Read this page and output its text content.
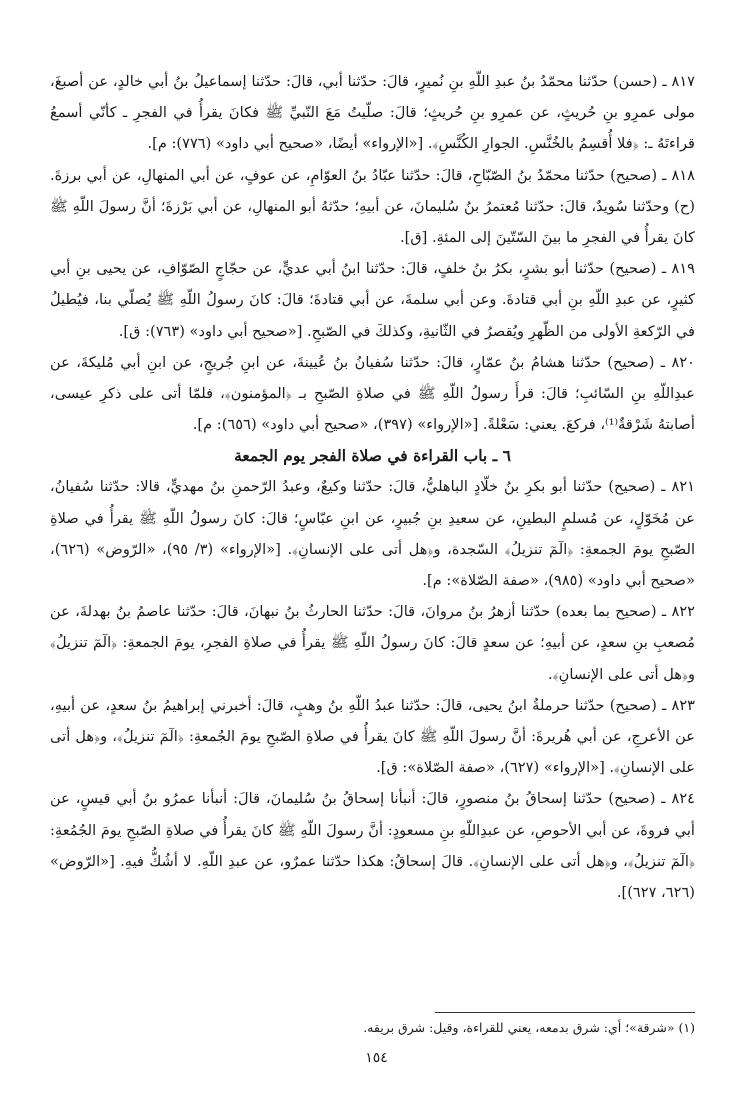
٨١٧ ـ (حسن) حدّثنا محمّدُ بنُ عبدِ اللّهِ بنِ نُميرٍ، قالَ: حدّثنا أبي، قالَ: حدّثنا إسماعيلُ بنُ أبي خالدٍ، عن أصبغَ، مولى عمرِو بنِ حُريثٍ، عن عمرِو بنِ حُريثٍ؛ قالَ: صلّيتُ مَعَ النّبيِّ ﷺ فكانَ يقرأُ في الفجرِ ـ كأنّي أسمعُ قراءتَهُ ـ: ﴿فلا أُقسِمُ بالخُنَّسِ. الجوارِ الكُنَّسِ﴾. [«الإرواء» أيضًا، «صحيح أبي داود» (٧٧٦): م].

٨١٨ ـ (صحيح) حدّثنا محمّدُ بنُ الصّبّاحِ، قالَ: حدّثنا عبّادُ بنُ العوّامِ، عن عوفٍ، عن أبي المنهالِ، عن أبي برزةَ. (ح) وحدّثنا سُويدٌ، قالَ: حدّثنا مُعتمرُ بنُ سُليمانَ، عن أبيهِ؛ حدّثهُ أبو المنهالِ، عن أبي بَرْزةَ؛ أنَّ رسولَ اللّهِ ﷺ كانَ يقرأُ في الفجرِ ما بينَ السّتّينَ إلى المئةِ. [ق].

٨١٩ ـ (صحيح) حدّثنا أبو بشرٍ، بكرُ بنُ خلفٍ، قالَ: حدّثنا ابنُ أبي عديٍّ، عن حجّاجٍ الصّوّافِ، عن يحيى بنِ أبي كثيرٍ، عن عبدِ اللّهِ بنِ أبي قتادةَ. وعن أبي سلمةَ، عن أبي قتادةَ؛ قالَ: كانَ رسولُ اللّهِ ﷺ يُصلّي بنا، فيُطيلُ في الرّكعةِ الأولى من الظّهرِ ويُقصرُ في الثّانيةِ، وكذلكَ في الصّبحِ. [«صحيح أبي داود» (٧٦٣): ق].

٨٢٠ ـ (صحيح) حدّثنا هشامُ بنُ عمّارٍ، قالَ: حدّثنا سُفيانُ بنُ عُيينةَ، عن ابنِ جُريجٍ، عن ابنِ أبي مُليكةَ، عن عبدِاللّهِ بنِ السّائبِ؛ قالَ: قرأَ رسولُ اللّهِ ﷺ في صلاةِ الصّبحِ بـ ﴿المؤمنون﴾، فلمّا أتى على ذكرِ عيسى، أصابتهُ شَرْقةٌ⁽¹⁾، فركعَ. يعني: سَعْلةً. [«الإرواء» (٣٩٧)، «صحيح أبي داود» (٦٥٦): م].

٦ ـ باب القراءة في صلاة الفجر يوم الجمعة

٨٢١ ـ (صحيح) حدّثنا أبو بكرِ بنُ خلّادٍ الباهليُّ، قالَ: حدّثنا وكيعٌ، وعبدُ الرّحمنِ بنُ مهديٍّ، قالا: حدّثنا سُفيانُ، عن مُخَوّلٍ، عن مُسلمٍ البطينِ، عن سعيدِ بنِ جُبيرٍ، عن ابنِ عبّاسٍ؛ قالَ: كانَ رسولُ اللّهِ ﷺ يقرأُ في صلاةِ الصّبحِ يومَ الجمعةِ: ﴿الٓمٓ تنزيلُ﴾ السّجدة، و﴿هل أتى على الإنسانِ﴾. [«الإرواء» (٣/ ٩٥)، «الرّوض» (٦٢٦)، «صحيح أبي داود» (٩٨٥)، «صفة الصّلاة»: م].

٨٢٢ ـ (صحيح بما بعده) حدّثنا أزهرُ بنُ مروانَ، قالَ: حدّثنا الحارثُ بنُ نبهانَ، قالَ: حدّثنا عاصمُ بنُ بهدلةَ، عن مُصعبِ بنِ سعدٍ، عن أبيهِ؛ عن سعدٍ قالَ: كانَ رسولُ اللّهِ ﷺ يقرأُ في صلاةِ الفجرِ، يومَ الجمعةِ: ﴿الٓمٓ تنزيلُ﴾ و﴿هل أتى على الإنسانِ﴾.

٨٢٣ ـ (صحيح) حدّثنا حرملةُ ابنُ يحيى، قالَ: حدّثنا عبدُ اللّهِ بنُ وهبٍ، قالَ: أخبرني إبراهيمُ بنُ سعدٍ، عن أبيهِ، عن الأعرجِ، عن أبي هُريرةَ: أنَّ رسولَ اللّهِ ﷺ كانَ يقرأُ في صلاةِ الصّبحِ يومَ الجُمعةِ: ﴿الٓمٓ تنزيلُ﴾، و﴿هل أتى على الإنسانِ﴾. [«الإرواء» (٦٢٧)، «صفة الصّلاة»: ق].

٨٢٤ ـ (صحيح) حدّثنا إسحاقُ بنُ منصورٍ، قالَ: أنبأنا إسحاقُ بنُ سُليمانَ، قالَ: أنبأنا عمرُو بنُ أبي قيسٍ، عن أبي فروةَ، عن أبي الأحوصِ، عن عبدِاللّهِ بنِ مسعودٍ: أنَّ رسولَ اللّهِ ﷺ كانَ يقرأُ في صلاةِ الصّبحِ يومَ الجُمُعةِ: ﴿الٓمٓ تنزيلُ﴾، و﴿هل أتى على الإنسانِ﴾. قالَ إسحاقُ: هكذا حدّثنا عمرٌو، عن عبدِ اللّهِ. لا أشُكُّ فيهِ. [«الرّوض» (٦٢٦، ٦٢٧)].

(١) «شرقة»؛ أي: شرق بدمعه، يعني للقراءة، وقيل: شرق بريقه.

١٥٤
